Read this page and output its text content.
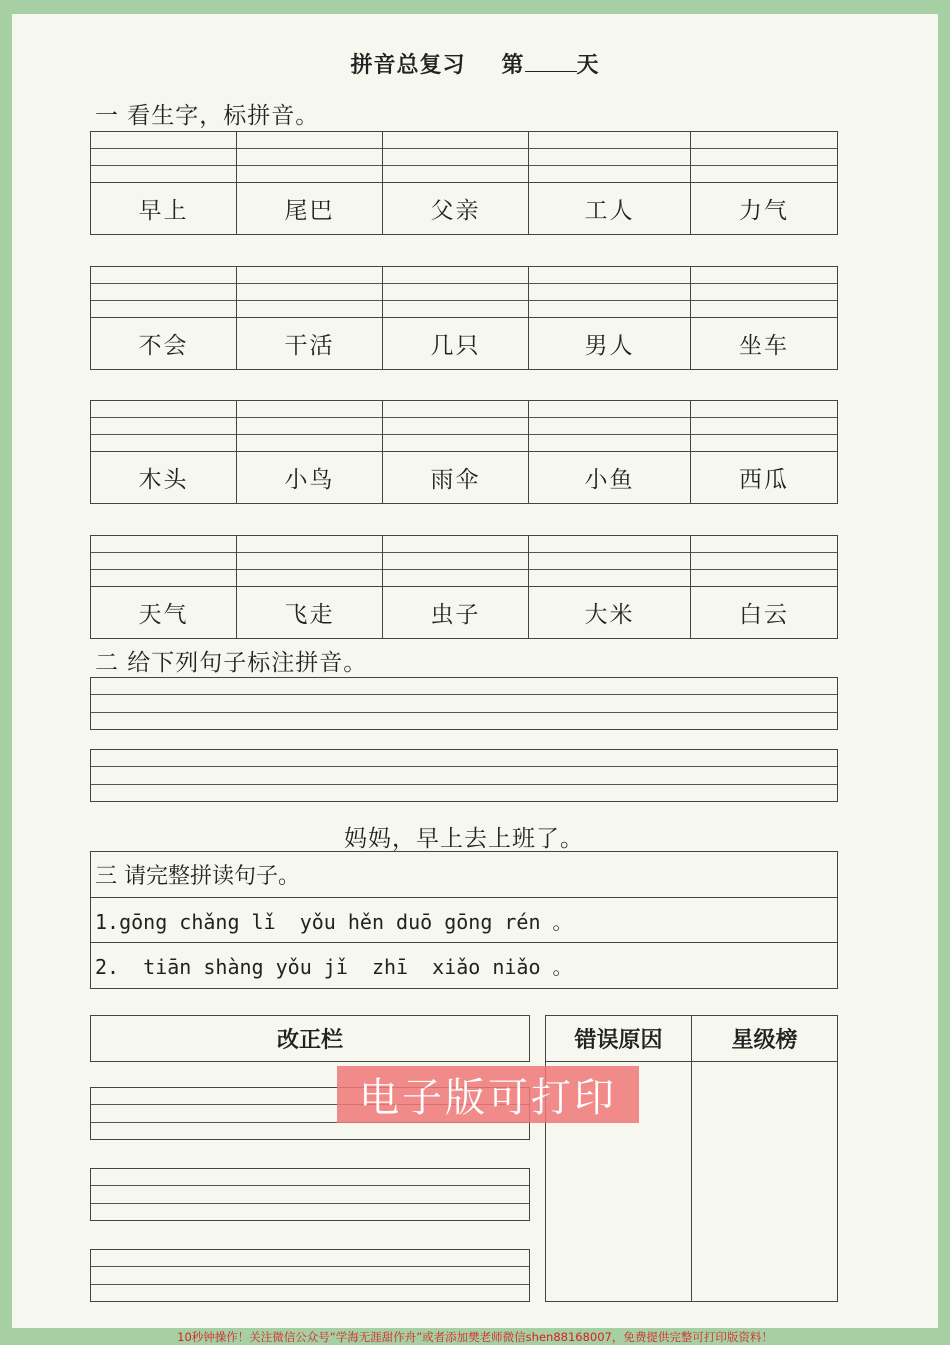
拼音总复习 第 天
一 看生字，标拼音。
早上	尾巴	父亲	工人	力气
不会	干活	几只	男人	坐车
木头	小鸟	雨伞	小鱼	西瓜
天气	飞走	虫子	大米	白云
二 给下列句子标注拼音。
妈妈，早上去上班了。
三 请完整拼读句子。
1.gōng chǎng lǐ  yǒu hěn duō gōng rén 。
2.  tiān shàng yǒu jǐ  zhī  xiǎo niǎo 。
改正栏	错误原因	星级榜
电子版可打印
10秒钟操作！关注微信公众号“学海无涯甜作舟”或者添加樊老师微信shen88168007，免费提供完整可打印版资料！
